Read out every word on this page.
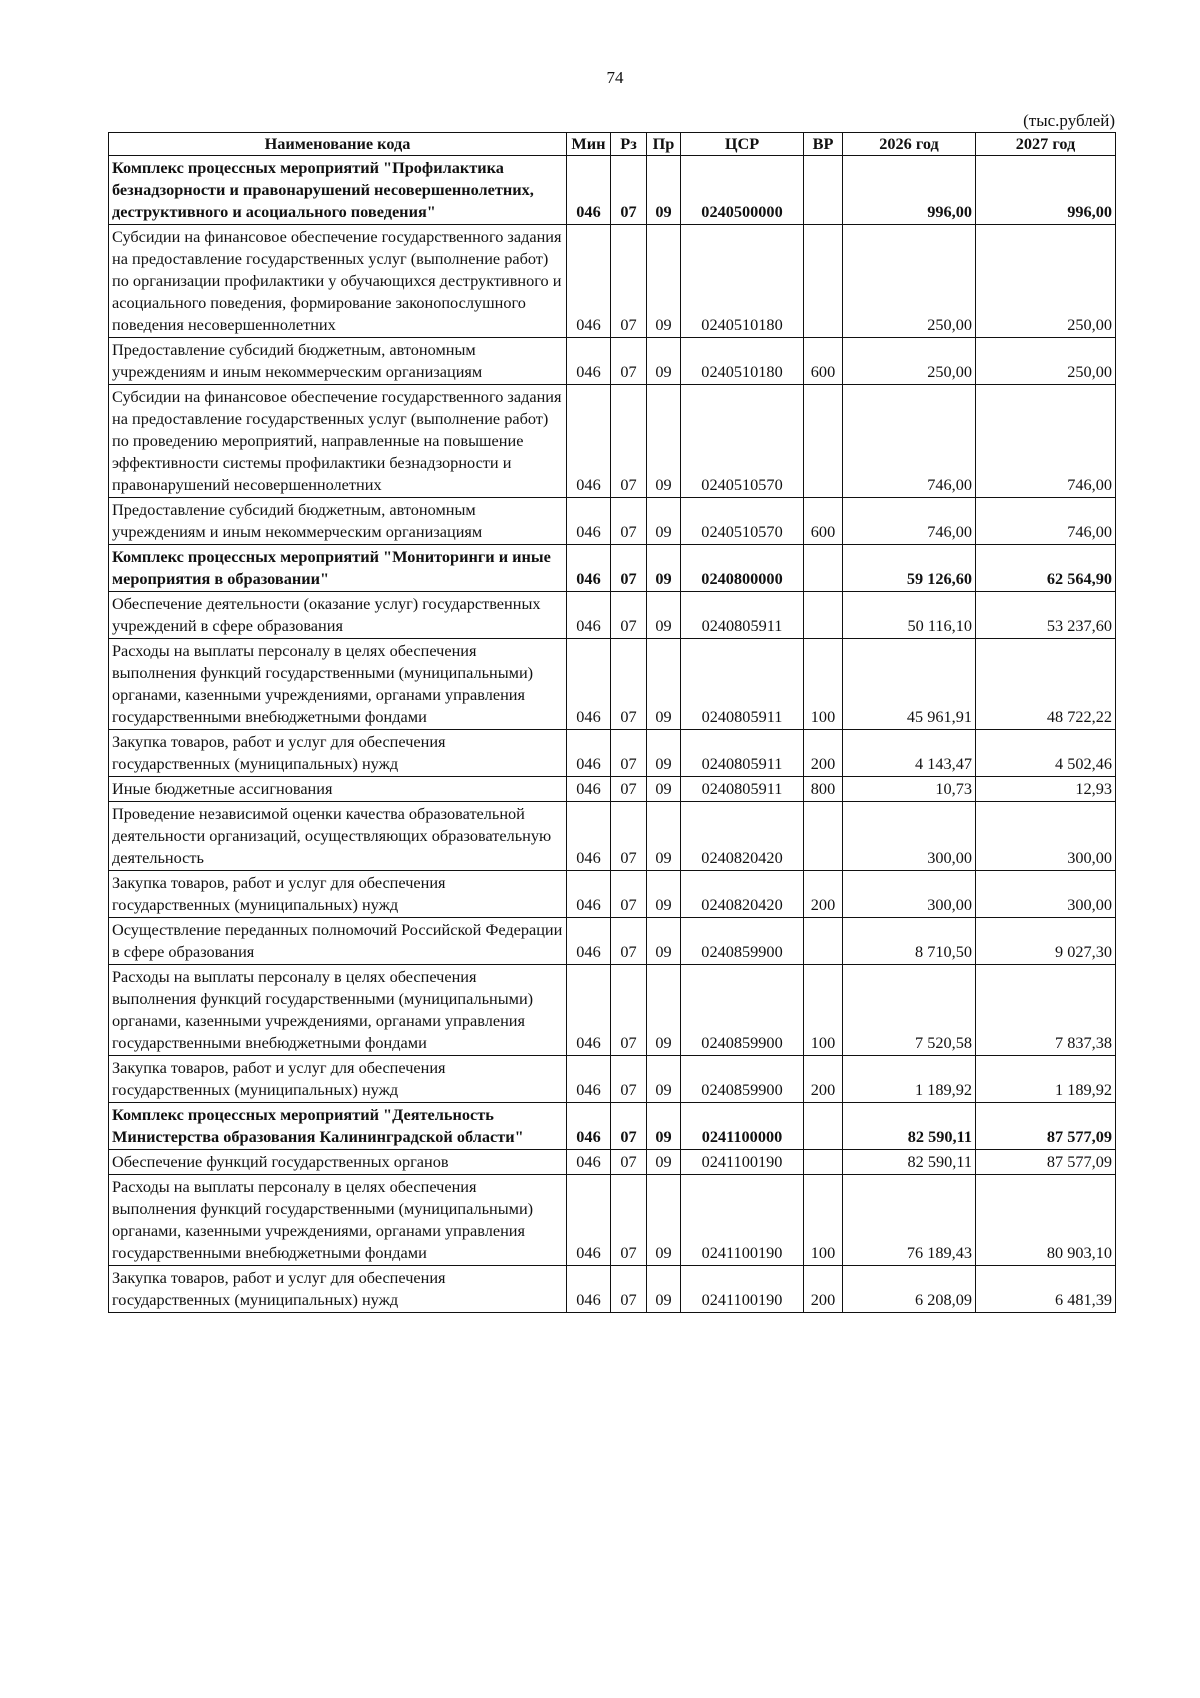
74
(тыс.рублей)
Наименование кода	Мин	Рз	Пр	ЦСР	ВР	2026 год	2027 год
Комплекс процессных мероприятий "Профилактика безнадзорности и правонарушений несовершеннолетних, деструктивного и асоциального поведения"	046	07	09	0240500000		996,00	996,00
Субсидии на финансовое обеспечение государственного задания на предоставление государственных услуг (выполнение работ) по организации профилактики у обучающихся деструктивного и асоциального поведения, формирование законопослушного поведения несовершеннолетних	046	07	09	0240510180		250,00	250,00
Предоставление субсидий бюджетным, автономным учреждениям и иным некоммерческим организациям	046	07	09	0240510180	600	250,00	250,00
Субсидии на финансовое обеспечение государственного задания на предоставление государственных услуг (выполнение работ) по проведению мероприятий, направленные на повышение эффективности системы профилактики безнадзорности и правонарушений несовершеннолетних	046	07	09	0240510570		746,00	746,00
Предоставление субсидий бюджетным, автономным учреждениям и иным некоммерческим организациям	046	07	09	0240510570	600	746,00	746,00
Комплекс процессных мероприятий "Мониторинги и иные мероприятия в образовании"	046	07	09	0240800000		59 126,60	62 564,90
Обеспечение деятельности (оказание услуг) государственных учреждений в сфере образования	046	07	09	0240805911		50 116,10	53 237,60
Расходы на выплаты персоналу в целях обеспечения выполнения функций государственными (муниципальными) органами, казенными учреждениями, органами управления государственными внебюджетными фондами	046	07	09	0240805911	100	45 961,91	48 722,22
Закупка товаров, работ и услуг для обеспечения государственных (муниципальных) нужд	046	07	09	0240805911	200	4 143,47	4 502,46
Иные бюджетные ассигнования	046	07	09	0240805911	800	10,73	12,93
Проведение независимой оценки качества образовательной деятельности организаций, осуществляющих образовательную деятельность	046	07	09	0240820420		300,00	300,00
Закупка товаров, работ и услуг для обеспечения государственных (муниципальных) нужд	046	07	09	0240820420	200	300,00	300,00
Осуществление переданных полномочий Российской Федерации в сфере образования	046	07	09	0240859900		8 710,50	9 027,30
Расходы на выплаты персоналу в целях обеспечения выполнения функций государственными (муниципальными) органами, казенными учреждениями, органами управления государственными внебюджетными фондами	046	07	09	0240859900	100	7 520,58	7 837,38
Закупка товаров, работ и услуг для обеспечения государственных (муниципальных) нужд	046	07	09	0240859900	200	1 189,92	1 189,92
Комплекс процессных мероприятий "Деятельность Министерства образования Калининградской области"	046	07	09	0241100000		82 590,11	87 577,09
Обеспечение функций государственных органов	046	07	09	0241100190		82 590,11	87 577,09
Расходы на выплаты персоналу в целях обеспечения выполнения функций государственными (муниципальными) органами, казенными учреждениями, органами управления государственными внебюджетными фондами	046	07	09	0241100190	100	76 189,43	80 903,10
Закупка товаров, работ и услуг для обеспечения государственных (муниципальных) нужд	046	07	09	0241100190	200	6 208,09	6 481,39
